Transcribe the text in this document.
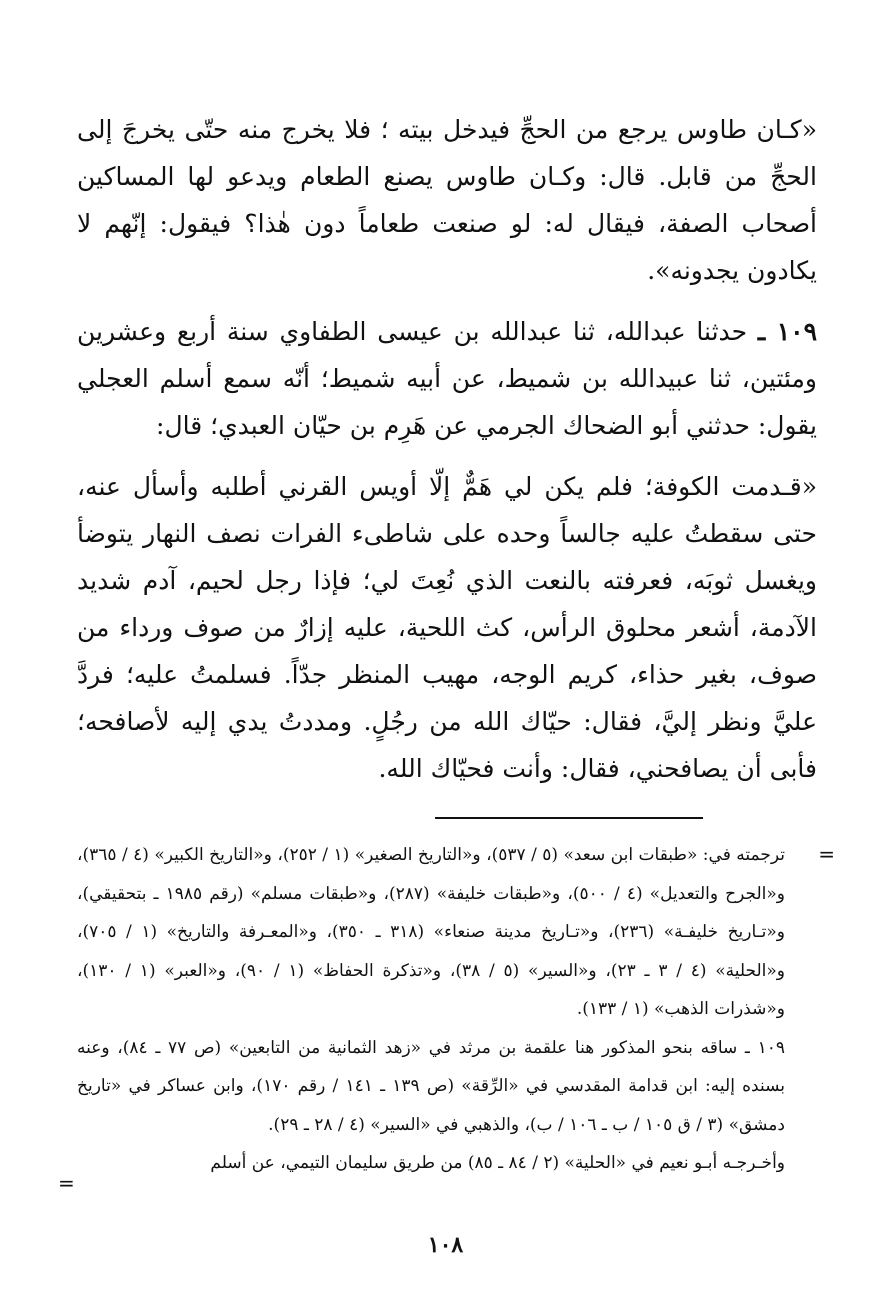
«كـان طاوس يرجع من الحجِّ فيدخل بيته ؛ فلا يخرج منه حتّى يخرجَ إلى الحجِّ من قابل. قال: وكـان طاوس يصنع الطعام ويدعو لها المساكين أصحاب الصفة، فيقال له: لو صنعت طعاماً دون هٰذا؟ فيقول: إنّهم لا يكادون يجدونه».

١٠٩ ـ حدثنا عبدالله، ثنا عبدالله بن عيسى الطفاوي سنة أربع وعشرين ومئتين، ثنا عبيدالله بن شميط، عن أبيه شميط؛ أنّه سمع أسلم العجلي يقول: حدثني أبو الضحاك الجرمي عن هَرِم بن حيّان العبدي؛ قال:

«قـدمت الكوفة؛ فلم يكن لي هَمٌّ إلّا أويس القرني أطلبه وأسأل عنه، حتى سقطتُ عليه جالساً وحده على شاطىء الفرات نصف النهار يتوضأ ويغسل ثوبَه، فعرفته بالنعت الذي نُعِتَ لي؛ فإذا رجل لحيم، آدم شديد الآدمة، أشعر محلوق الرأس، كث اللحية، عليه إزارٌ من صوف ورداء من صوف، بغير حذاء، كريم الوجه، مهيب المنظر جدّاً. فسلمتُ عليه؛ فردَّ عليَّ ونظر إليَّ، فقال: حيّاك الله من رجُلٍ. ومددتُ يدي إليه لأصافحه؛ فأبى أن يصافحني، فقال: وأنت فحيّاك الله.

=

ترجمته في: «طبقات ابن سعد» (٥ / ٥٣٧)، و«التاريخ الصغير» (١ / ٢٥٢)، و«التاريخ الكبير» (٤ / ٣٦٥)، و«الجرح والتعديل» (٤ / ٥٠٠)، و«طبقات خليفة» (٢٨٧)، و«طبقات مسلم» (رقم ١٩٨٥ ـ بتحقيقي)، و«تـاريخ خليفـة» (٢٣٦)، و«تـاريخ مدينة صنعاء» (٣١٨ ـ ٣٥٠)، و«المعـرفة والتاريخ» (١ / ٧٠٥)، و«الحلية» (٤ / ٣ ـ ٢٣)، و«السير» (٥ / ٣٨)، و«تذكرة الحفاظ» (١ / ٩٠)، و«العبر» (١ / ١٣٠)، و«شذرات الذهب» (١ / ١٣٣).

١٠٩ ـ ساقه بنحو المذكور هنا علقمة بن مرثد في «زهد الثمانية من التابعين» (ص ٧٧ ـ ٨٤)، وعنه بسنده إليه: ابن قدامة المقدسي في «الرِّقة» (ص ١٣٩ ـ ١٤١ / رقم ١٧٠)، وابن عساكر في «تاريخ دمشق» (٣ / ق ١٠٥ / ب ـ ١٠٦ / ب)، والذهبي في «السير» (٤ / ٢٨ ـ ٢٩).

وأخـرجـه أبـو نعيم في «الحلية» (٢ / ٨٤ ـ ٨٥) من طريق سليمان التيمي، عن أسلم

=
١٠٨
